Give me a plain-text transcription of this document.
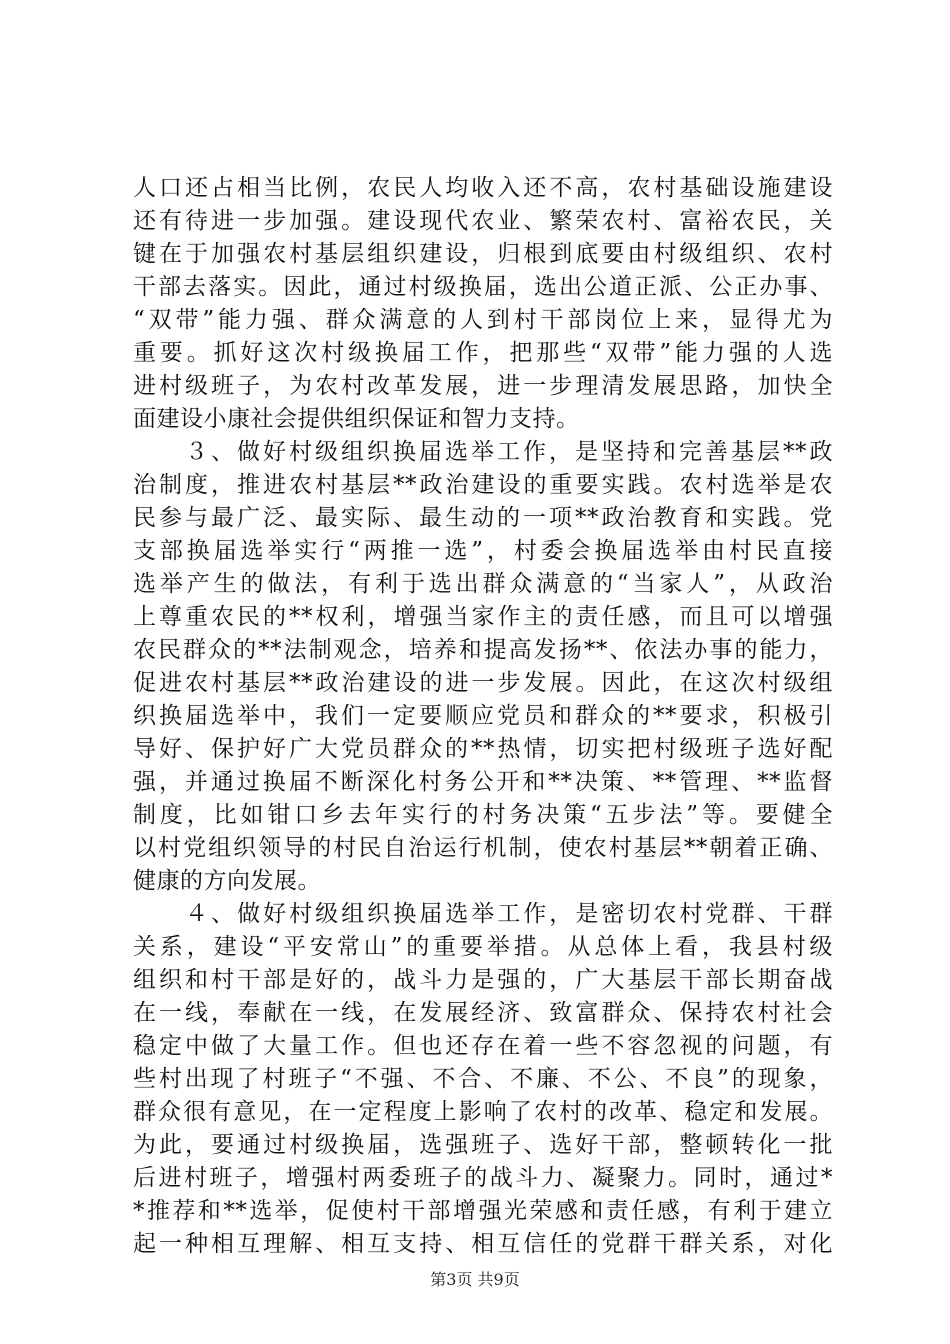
人口还占相当比例，农民人均收入还不高，农村基础设施建设
还有待进一步加强。建设现代农业、繁荣农村、富裕农民，关
键在于加强农村基层组织建设，归根到底要由村级组织、农村
干部去落实。因此，通过村级换届，选出公道正派、公正办事、
“双带”能力强、群众满意的人到村干部岗位上来，显得尤为
重要。抓好这次村级换届工作，把那些“双带”能力强的人选
进村级班子，为农村改革发展，进一步理清发展思路，加快全
面建设小康社会提供组织保证和智力支持。
　　３、做好村级组织换届选举工作，是坚持和完善基层**政
治制度，推进农村基层**政治建设的重要实践。农村选举是农
民参与最广泛、最实际、最生动的一项**政治教育和实践。党
支部换届选举实行“两推一选”，村委会换届选举由村民直接
选举产生的做法，有利于选出群众满意的“当家人”，从政治
上尊重农民的**权利，增强当家作主的责任感，而且可以增强
农民群众的**法制观念，培养和提高发扬**、依法办事的能力，
促进农村基层**政治建设的进一步发展。因此，在这次村级组
织换届选举中，我们一定要顺应党员和群众的**要求，积极引
导好、保护好广大党员群众的**热情，切实把村级班子选好配
强，并通过换届不断深化村务公开和**决策、**管理、**监督
制度，比如钳口乡去年实行的村务决策“五步法”等。要健全
以村党组织领导的村民自治运行机制，使农村基层**朝着正确、
健康的方向发展。
　　４、做好村级组织换届选举工作，是密切农村党群、干群
关系，建设“平安常山”的重要举措。从总体上看，我县村级
组织和村干部是好的，战斗力是强的，广大基层干部长期奋战
在一线，奉献在一线，在发展经济、致富群众、保持农村社会
稳定中做了大量工作。但也还存在着一些不容忽视的问题，有
些村出现了村班子“不强、不合、不廉、不公、不良”的现象，
群众很有意见，在一定程度上影响了农村的改革、稳定和发展。
为此，要通过村级换届，选强班子、选好干部，整顿转化一批
后进村班子，增强村两委班子的战斗力、凝聚力。同时，通过*
*推荐和**选举，促使村干部增强光荣感和责任感，有利于建立
起一种相互理解、相互支持、相互信任的党群干群关系，对化
第3页 共9页
